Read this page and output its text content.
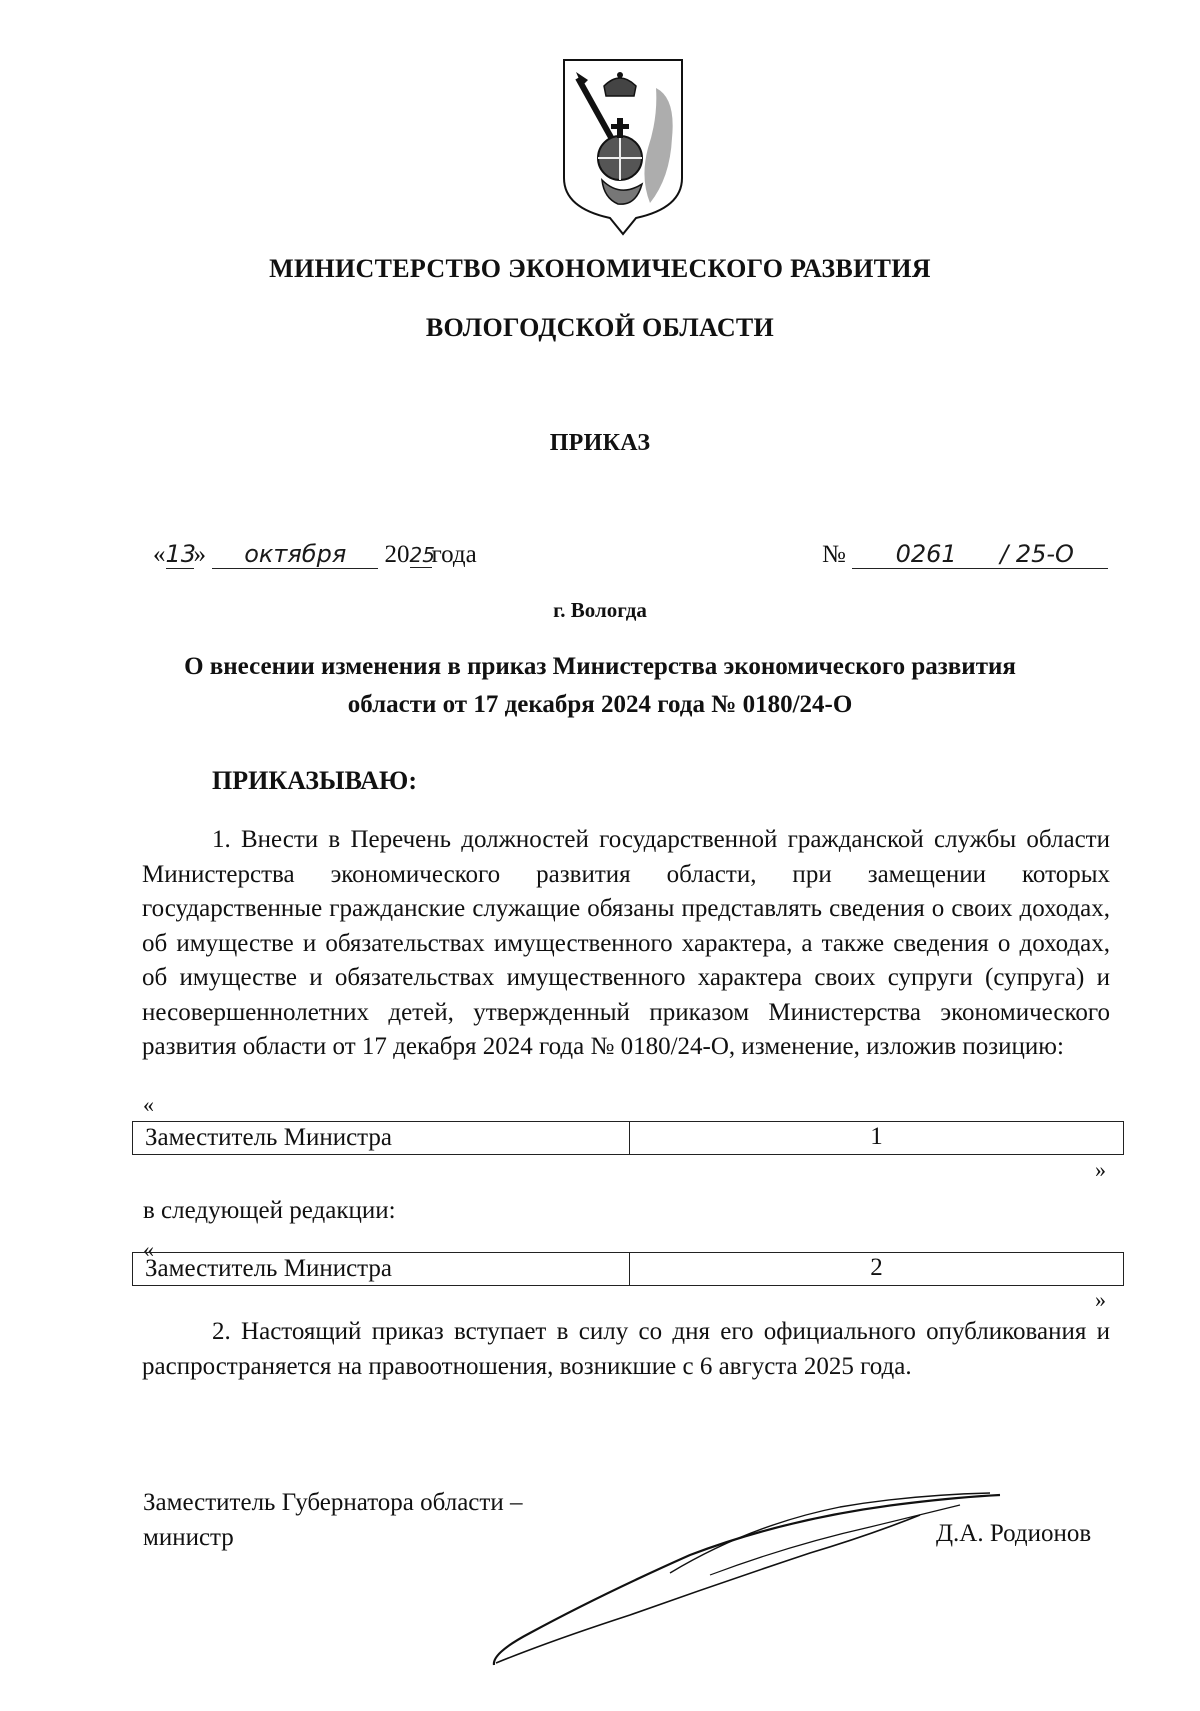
МИНИСТЕРСТВО ЭКОНОМИЧЕСКОГО РАЗВИТИЯ
ВОЛОГОДСКОЙ ОБЛАСТИ
ПРИКАЗ
«13» октября 2025года	№ 0261 / 25-О
г. Вологда
О внесении изменения в приказ Министерства экономического развития области от 17 декабря 2024 года № 0180/24-О
ПРИКАЗЫВАЮ:
1. Внести в Перечень должностей государственной гражданской службы области Министерства экономического развития области, при замещении которых государственные гражданские служащие обязаны представлять сведения о своих доходах, об имуществе и обязательствах имущественного характера, а также сведения о доходах, об имуществе и обязательствах имущественного характера своих супруги (супруга) и несовершеннолетних детей, утвержденный приказом Министерства экономического развития области от 17 декабря 2024 года № 0180/24-О, изменение, изложив позицию:
«
Заместитель Министра	1
»
в следующей редакции:
«
Заместитель Министра	2
»
2. Настоящий приказ вступает в силу со дня его официального опубликования и распространяется на правоотношения, возникшие с 6 августа 2025 года.
Заместитель Губернатора области –
министр	Д.А. Родионов
